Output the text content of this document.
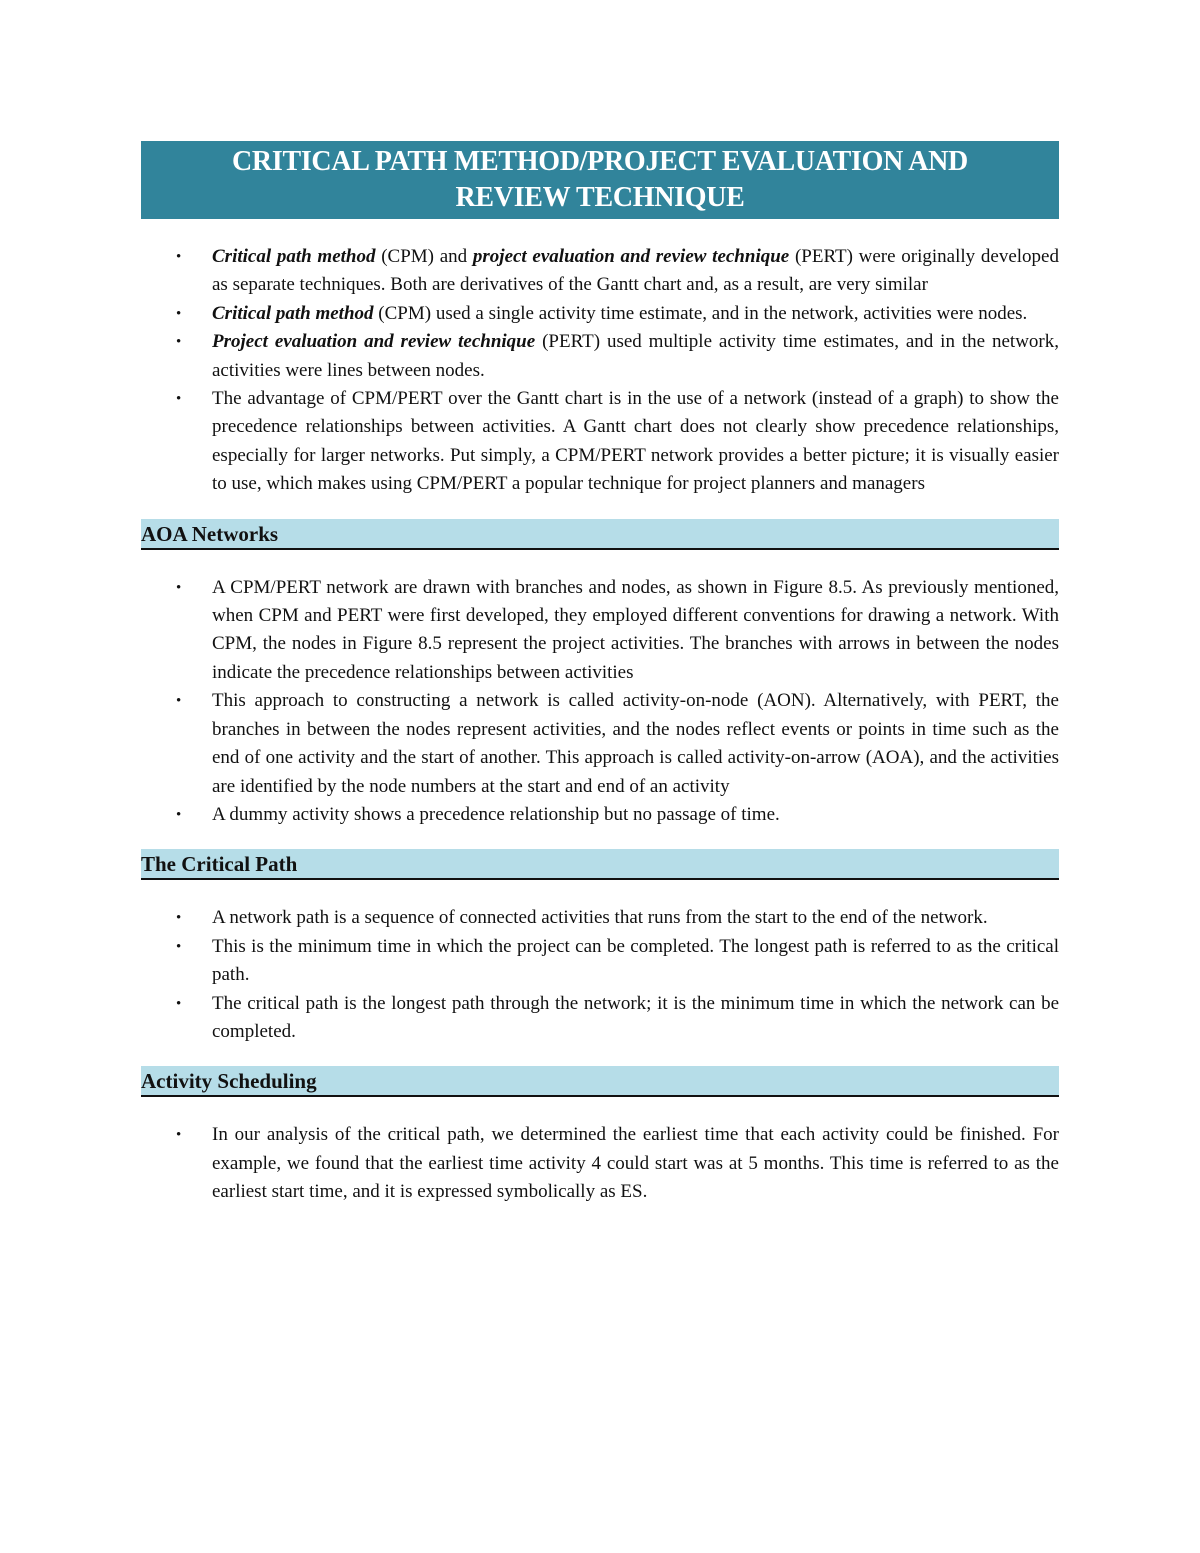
CRITICAL PATH METHOD/PROJECT EVALUATION AND
REVIEW TECHNIQUE
• Critical path method (CPM) and project evaluation and review technique (PERT) were originally developed as separate techniques. Both are derivatives of the Gantt chart and, as a result, are very similar
• Critical path method (CPM) used a single activity time estimate, and in the network, activities were nodes.
• Project evaluation and review technique (PERT) used multiple activity time estimates, and in the network, activities were lines between nodes.
• The advantage of CPM/PERT over the Gantt chart is in the use of a network (instead of a graph) to show the precedence relationships between activities. A Gantt chart does not clearly show precedence relationships, especially for larger networks. Put simply, a CPM/PERT network provides a better picture; it is visually easier to use, which makes using CPM/PERT a popular technique for project planners and managers
AOA Networks
• A CPM/PERT network are drawn with branches and nodes, as shown in Figure 8.5. As previously mentioned, when CPM and PERT were first developed, they employed different conventions for drawing a network. With CPM, the nodes in Figure 8.5 represent the project activities. The branches with arrows in between the nodes indicate the precedence relationships between activities
• This approach to constructing a network is called activity-on-node (AON). Alternatively, with PERT, the branches in between the nodes represent activities, and the nodes reflect events or points in time such as the end of one activity and the start of another. This approach is called activity-on-arrow (AOA), and the activities are identified by the node numbers at the start and end of an activity
• A dummy activity shows a precedence relationship but no passage of time.
The Critical Path
• A network path is a sequence of connected activities that runs from the start to the end of the network.
• This is the minimum time in which the project can be completed. The longest path is referred to as the critical path.
• The critical path is the longest path through the network; it is the minimum time in which the network can be completed.
Activity Scheduling
• In our analysis of the critical path, we determined the earliest time that each activity could be finished. For example, we found that the earliest time activity 4 could start was at 5 months. This time is referred to as the earliest start time, and it is expressed symbolically as ES.
